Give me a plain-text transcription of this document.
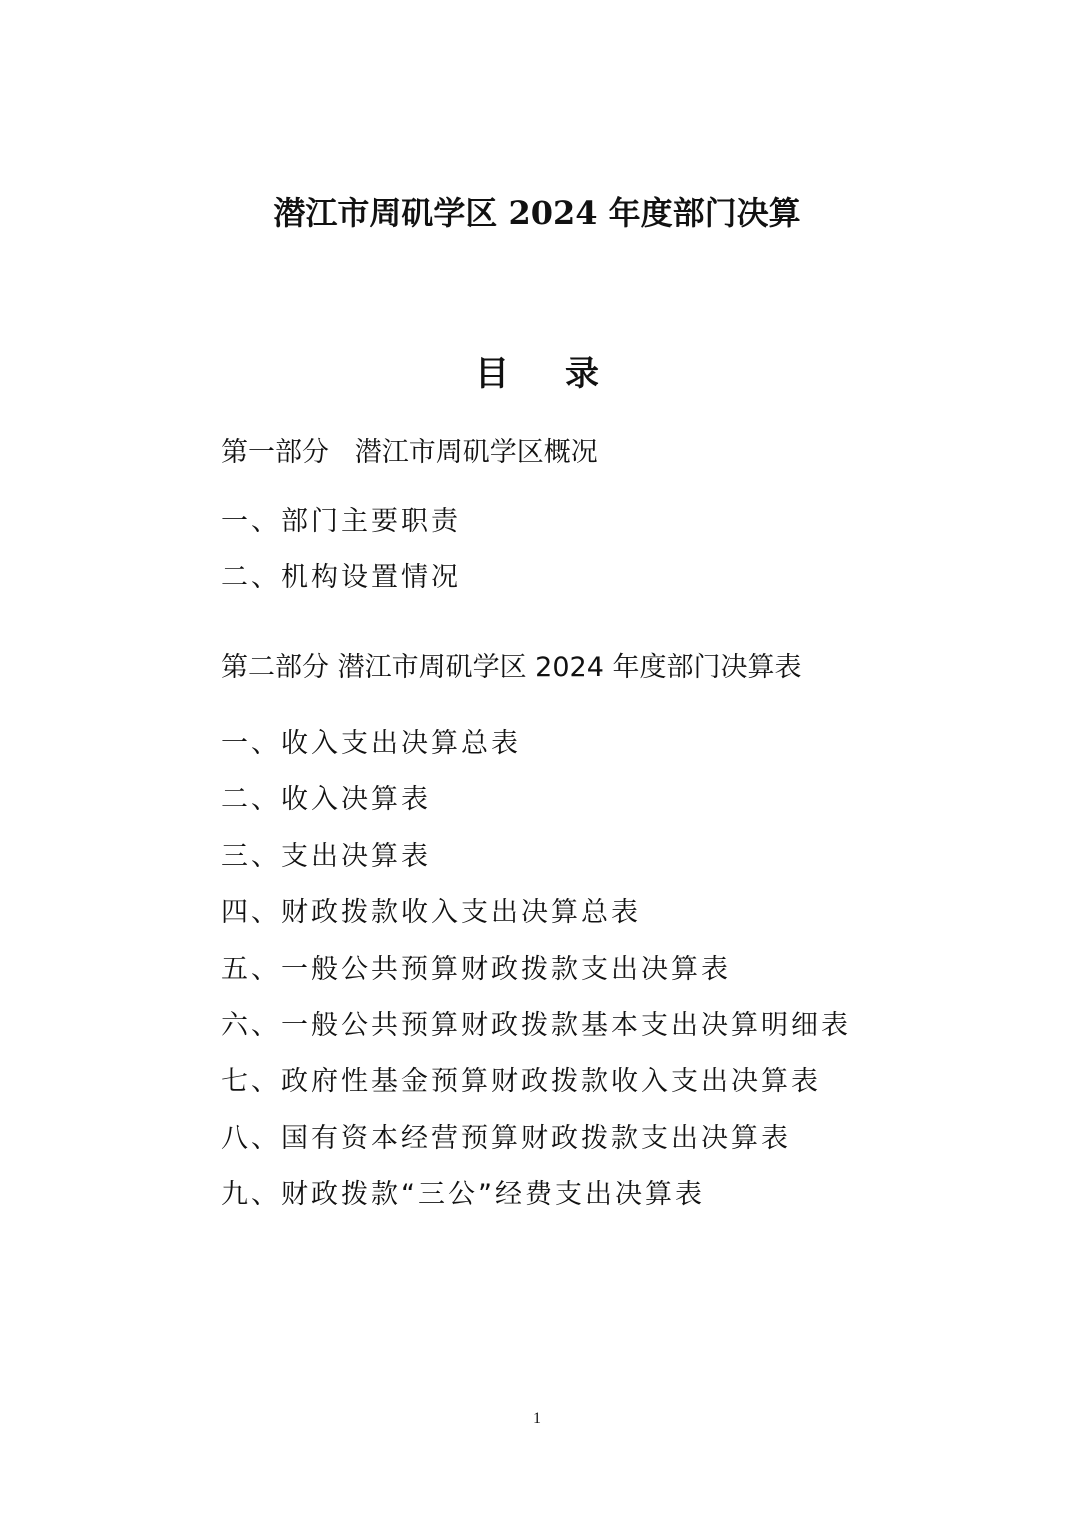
潜江市周矶学区 2024 年度部门决算
目录
第一部分   潜江市周矶学区概况
一、部门主要职责
二、机构设置情况
第二部分 潜江市周矶学区 2024 年度部门决算表
一、收入支出决算总表
二、收入决算表
三、支出决算表
四、财政拨款收入支出决算总表
五、一般公共预算财政拨款支出决算表
六、一般公共预算财政拨款基本支出决算明细表
七、政府性基金预算财政拨款收入支出决算表
八、国有资本经营预算财政拨款支出决算表
九、财政拨款“三公”经费支出决算表
1
